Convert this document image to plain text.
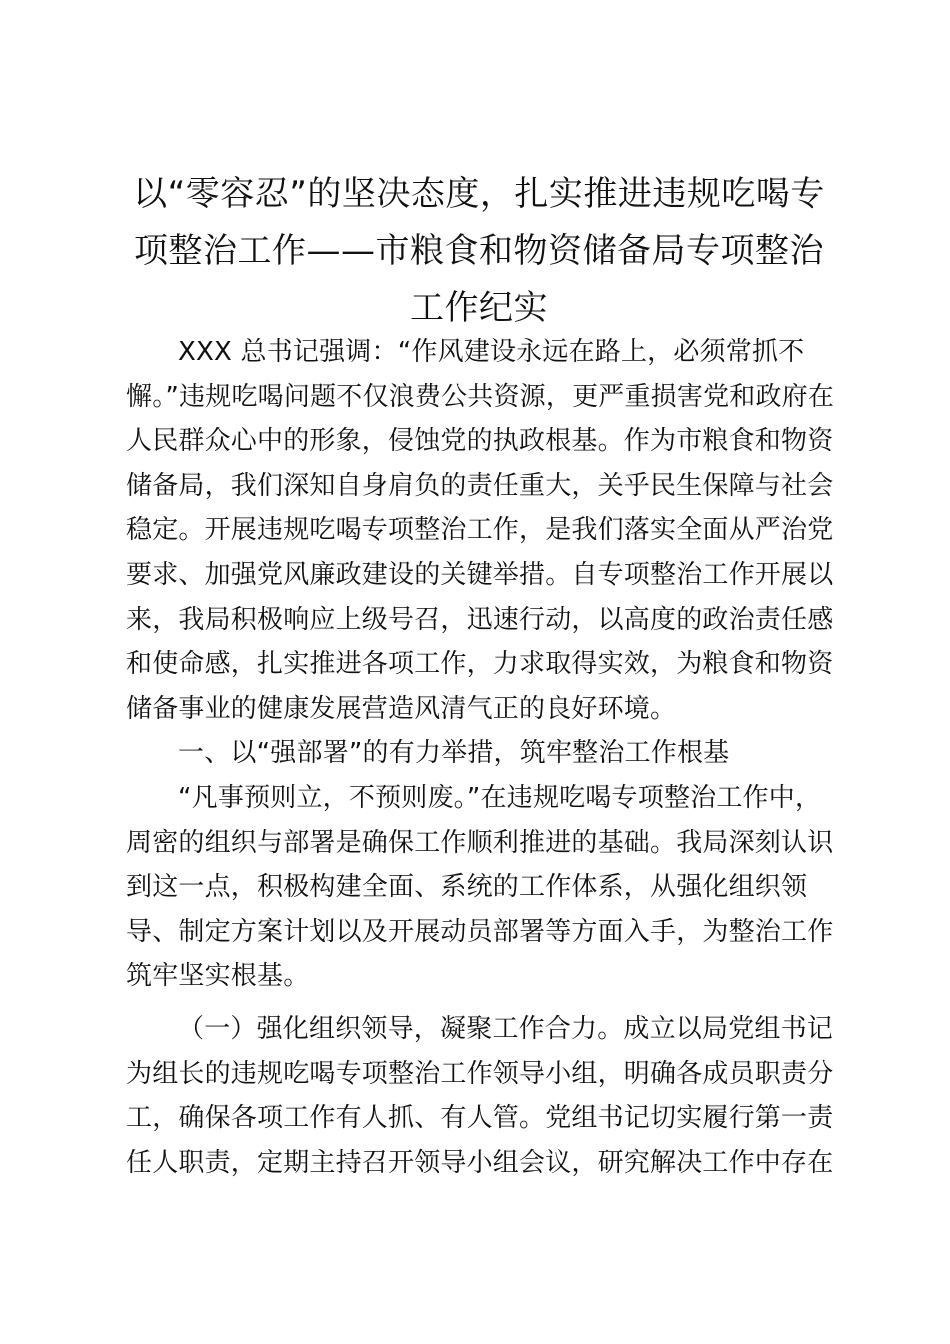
以“零容忍”的坚决态度，扎实推进违规吃喝专
项整治工作——市粮食和物资储备局专项整治
工作纪实
XXX 总书记强调：“作风建设永远在路上，必须常抓不
懈。”违规吃喝问题不仅浪费公共资源，更严重损害党和政府在
人民群众心中的形象，侵蚀党的执政根基。作为市粮食和物资
储备局，我们深知自身肩负的责任重大，关乎民生保障与社会
稳定。开展违规吃喝专项整治工作，是我们落实全面从严治党
要求、加强党风廉政建设的关键举措。自专项整治工作开展以
来，我局积极响应上级号召，迅速行动，以高度的政治责任感
和使命感，扎实推进各项工作，力求取得实效，为粮食和物资
储备事业的健康发展营造风清气正的良好环境。
一、以“强部署”的有力举措，筑牢整治工作根基
“凡事预则立，不预则废。”在违规吃喝专项整治工作中，
周密的组织与部署是确保工作顺利推进的基础。我局深刻认识
到这一点，积极构建全面、系统的工作体系，从强化组织领
导、制定方案计划以及开展动员部署等方面入手，为整治工作
筑牢坚实根基。
（一）强化组织领导，凝聚工作合力。成立以局党组书记
为组长的违规吃喝专项整治工作领导小组，明确各成员职责分
工，确保各项工作有人抓、有人管。党组书记切实履行第一责
任人职责，定期主持召开领导小组会议，研究解决工作中存在
